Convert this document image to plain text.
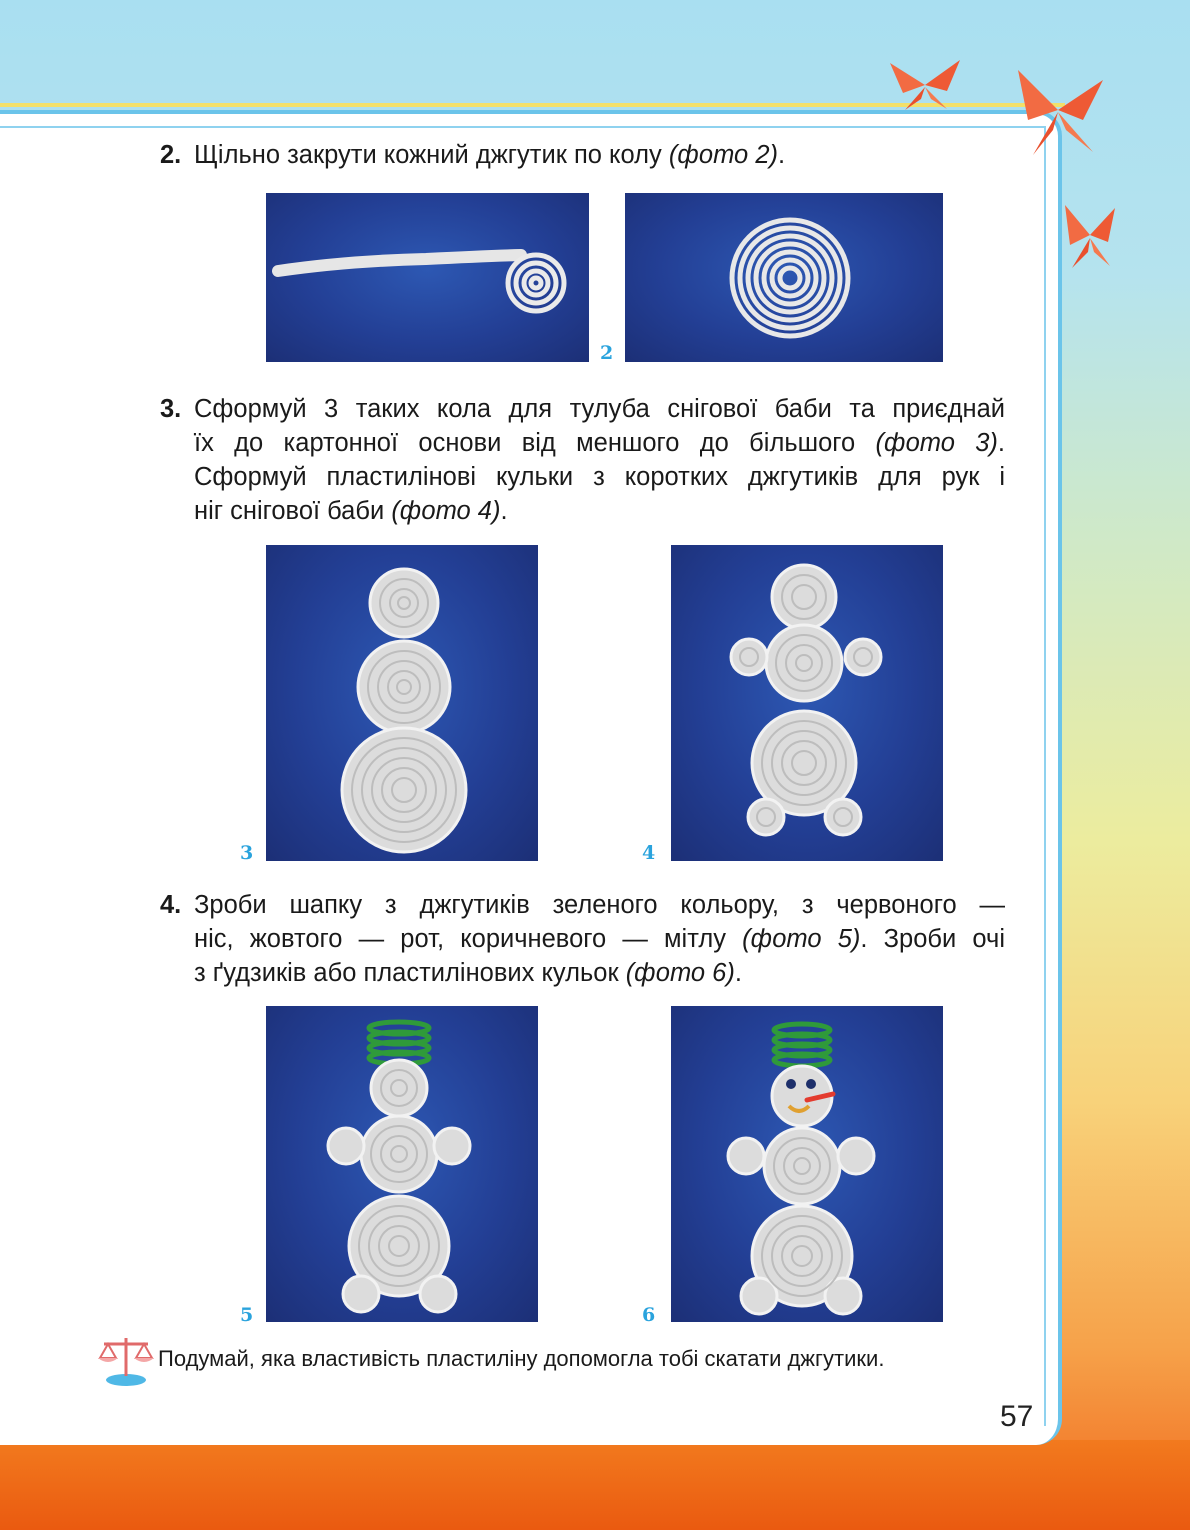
2. Щільно закрути кожний джгутик по колу (фото 2).
2
3. Сформуй 3 таких кола для тулуба снігової баби та приєднай
їх до картонної основи від меншого до більшого (фото 3).
Сформуй пластилінові кульки з коротких джгутиків для рук і
ніг снігової баби (фото 4).
3	4
4. Зроби шапку з джгутиків зеленого кольору, з червоного —
ніс, жовтого — рот, коричневого — мітлу (фото 5). Зроби очі
з ґудзиків або пластилінових кульок (фото 6).
5	6
Подумай, яка властивість пластиліну допомогла тобі скатати джгутики.
57
